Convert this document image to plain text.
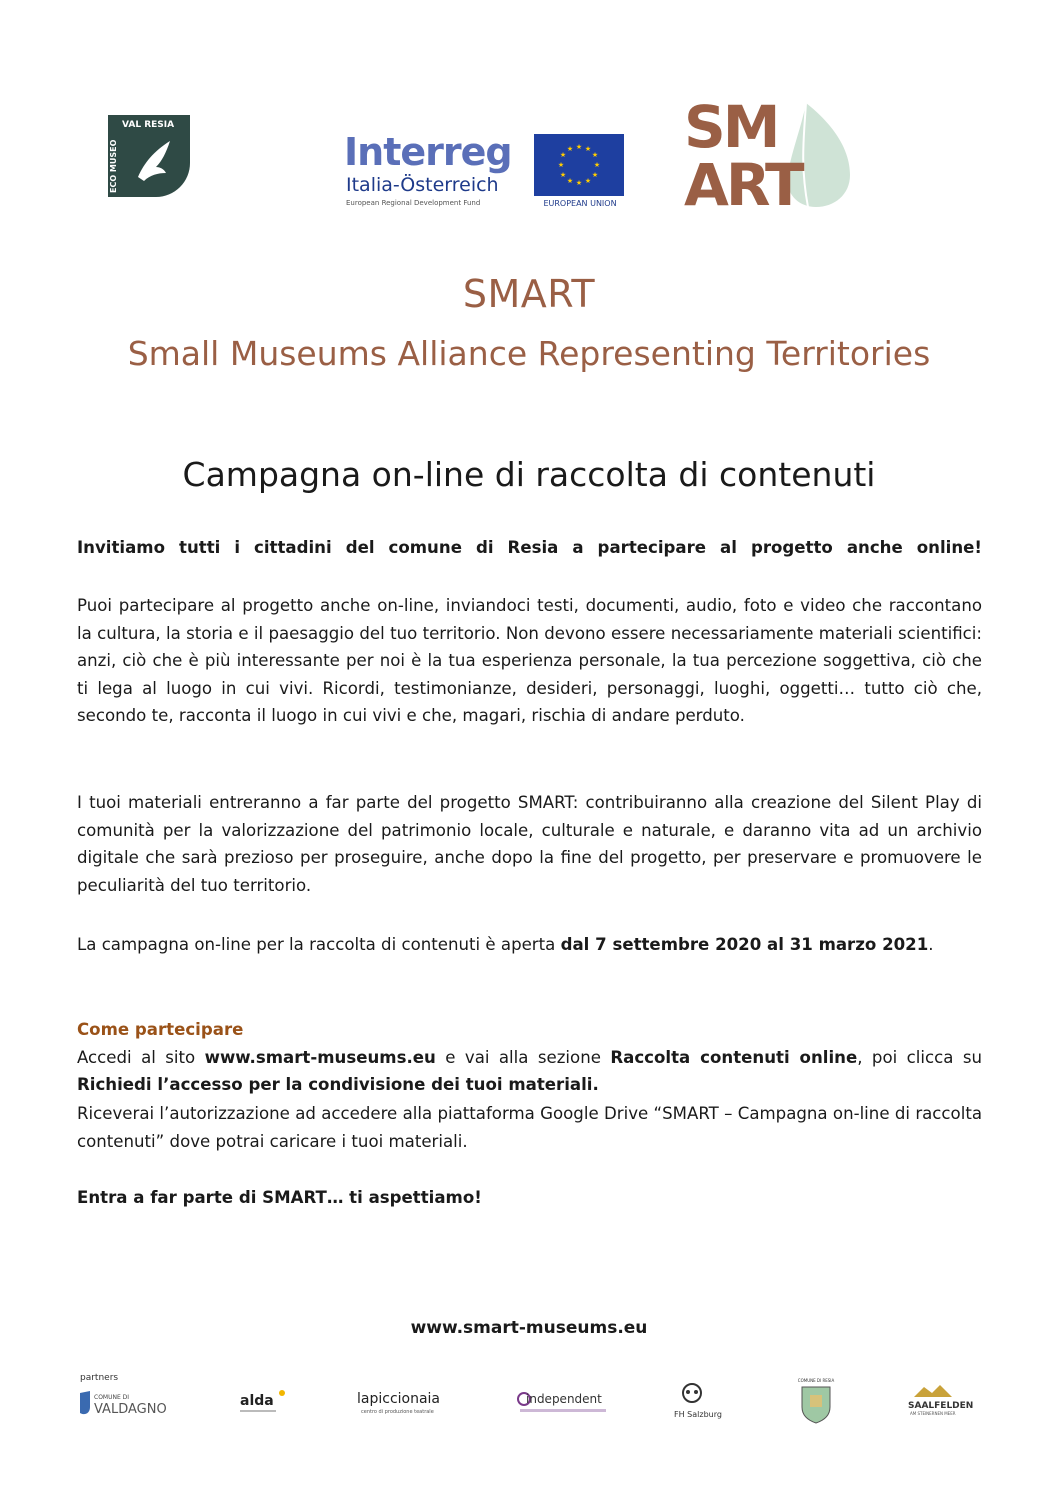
VAL RESIA
ECO MUSEO	Interreg
Italia-Österreich
European Regional Development Fund
★ ★
★
★
★
★
★
★
★
★
★
★
EUROPEAN UNION
SM
ART
SMART
Small Museums Alliance Representing Territories
Campagna on-line di raccolta di contenuti
Invitiamo tutti i cittadini del comune di Resia a partecipare al progetto anche online!
Puoi partecipare al progetto anche on-line, inviandoci testi, documenti, audio, foto e video che raccontano la cultura, la storia e il paesaggio del tuo territorio. Non devono essere necessariamente materiali scientifici: anzi, ciò che è più interessante per noi è la tua esperienza personale, la tua percezione soggettiva, ciò che ti lega al luogo in cui vivi. Ricordi, testimonianze, desideri, personaggi, luoghi, oggetti… tutto ciò che, secondo te, racconta il luogo in cui vivi e che, magari, rischia di andare perduto.
I tuoi materiali entreranno a far parte del progetto SMART: contribuiranno alla creazione del Silent Play di comunità per la valorizzazione del patrimonio locale, culturale e naturale, e daranno vita ad un archivio digitale che sarà prezioso per proseguire, anche dopo la fine del progetto, per preservare e promuovere le peculiarità del tuo territorio.
La campagna on-line per la raccolta di contenuti è aperta dal 7 settembre 2020 al 31 marzo 2021.
Come partecipare
Accedi al sito www.smart-museums.eu e vai alla sezione Raccolta contenuti online, poi clicca su Richiedi l’accesso per la condivisione dei tuoi materiali.
Riceverai l’autorizzazione ad accedere alla piattaforma Google Drive “SMART – Campagna on-line di raccolta contenuti” dove potrai caricare i tuoi materiali.
Entra a far parte di SMART… ti aspettiamo!
www.smart-museums.eu
partners
COMUNE DI
VALDAGNO
alda	lapiccionaia
centro di produzione teatrale
independent
FH Salzburg
COMUNE DI RESIA
SAALFELDEN
AM STEINERNEN MEER
